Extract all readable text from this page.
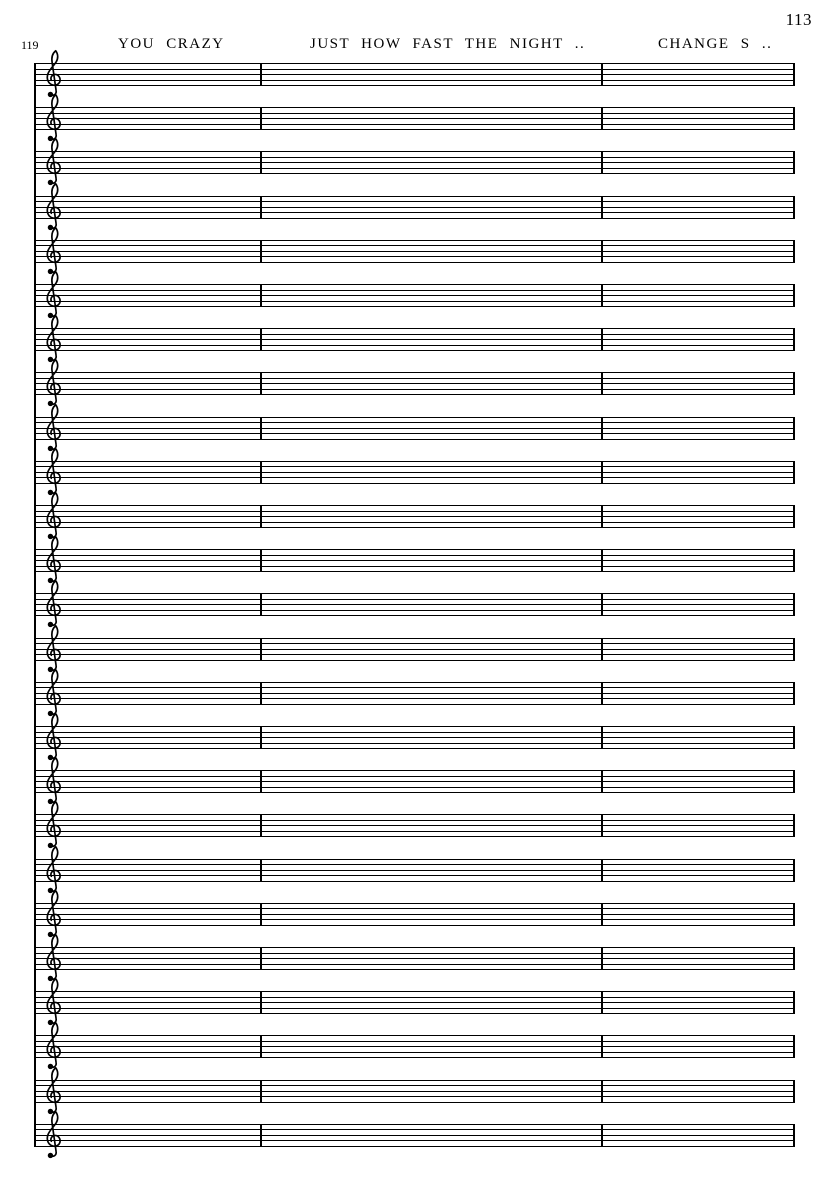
113
119	YOU CRAZY	JUST HOW FAST THE NIGHT ..	CHANGE S ..
